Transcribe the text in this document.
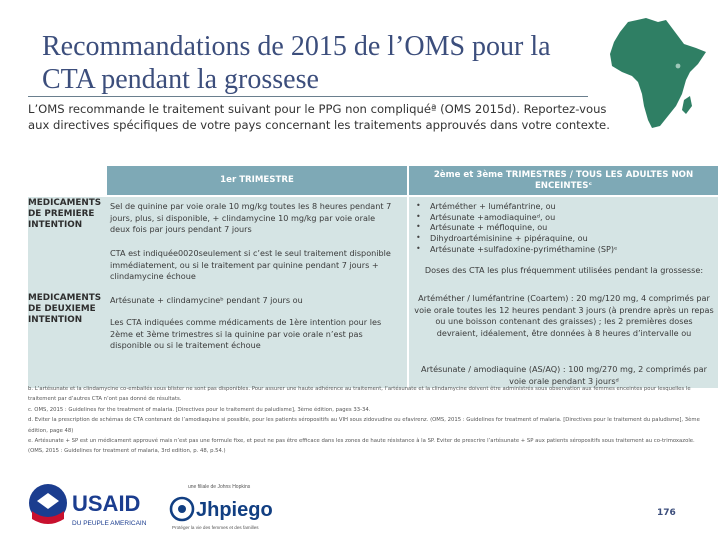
Recommandations de 2015 de l’OMS pour la CTA pendant la grossese

L’OMS recommande le traitement suivant pour le PPG non compliquéª (OMS 2015d). Reportez-vous aux directives spécifiques de votre pays concernant les traitements approuvés dans votre contexte.

1er TRIMESTRE
2ème et 3ème TRIMESTRES / TOUS LES ADULTES NON ENCEINTESᶜ
MEDICAMENTS DE PREMIERE INTENTION

Sel de quinine par voie orale 10 mg/kg toutes les 8 heures pendant 7 jours, plus, si disponible, + clindamycine 10 mg/kg par voie orale deux fois par jours pendant 7 jours

CTA est indiquée0020seulement si c’est le seul traitement disponible immédiatement, ou si le traitement par quinine pendant 7 jours + clindamycine échoue

MEDICAMENTS DE DEUXIEME INTENTION

Artésunate + clindamycineᵇ pendant 7 jours ou

Les CTA indiquées comme médicaments de 1ère intention pour les 2ème et 3ème trimestres si la quinine par voie orale n’est pas disponible ou si le traitement échoue

• Artéméther + luméfantrine, ou
• Artésunate +amodiaquineᵈ, ou
• Artésunate + méfloquine, ou
• Dihydroartémisinine + pipéraquine, ou
• Artésunate +sulfadoxine-pyriméthamine (SP)ᵉ

Doses des CTA les plus fréquemment utilisées pendant la grossesse:

Artéméther / luméfantrine (Coartem) : 20 mg/120 mg, 4 comprimés par voie orale toutes les 12 heures pendant 3 jours (à prendre après un repas ou une boisson contenant des graisses) ; les 2 premières doses devraient, idéalement, être données à 8 heures d’intervalle ou

Artésunate / amodiaquine (AS/AQ) : 100 mg/270 mg, 2 comprimés par voie orale pendant 3 joursᵈ

b. L’artésunate et la clindamycine co-emballés sous blister ne sont pas disponibles. Pour assurer une haute adhérence au traitement, l’artésunate et la clindamycine doivent être administrés sous observation aux femmes enceintes pour lesquelles le traitement par d’autres CTA n’ont pas donné de résultats.
c. OMS, 2015 : Guidelines for the treatment of malaria. [Directives pour le traitement du paludisme], 3ème édition, pages 33-34.
d. Eviter la prescription de schémas de CTA contenant de l’amodiaquine si possible, pour les patients séropositifs au VIH sous zidovudine ou efavirenz. (OMS, 2015 : Guidelines for treatment of malaria. [Directives pour le traitement du paludisme], 3ème édition, page 48)
e. Artésunate + SP est un médicament approuvé mais n’est pas une formule fixe, et peut ne pas être efficace dans les zones de haute résistance à la SP. Eviter de prescrire l’artésunate + SP aux patients séropositifs sous traitement au co-trimoxazole. (OMS, 2015 : Guidelines for treatment of malaria, 3rd edition, p. 48, p.54.)
USAID
DU PEUPLE AMERICAIN
une filiale de Johns Hopkins
Jhpiego
Protéger la vie des femmes et des familles
176
